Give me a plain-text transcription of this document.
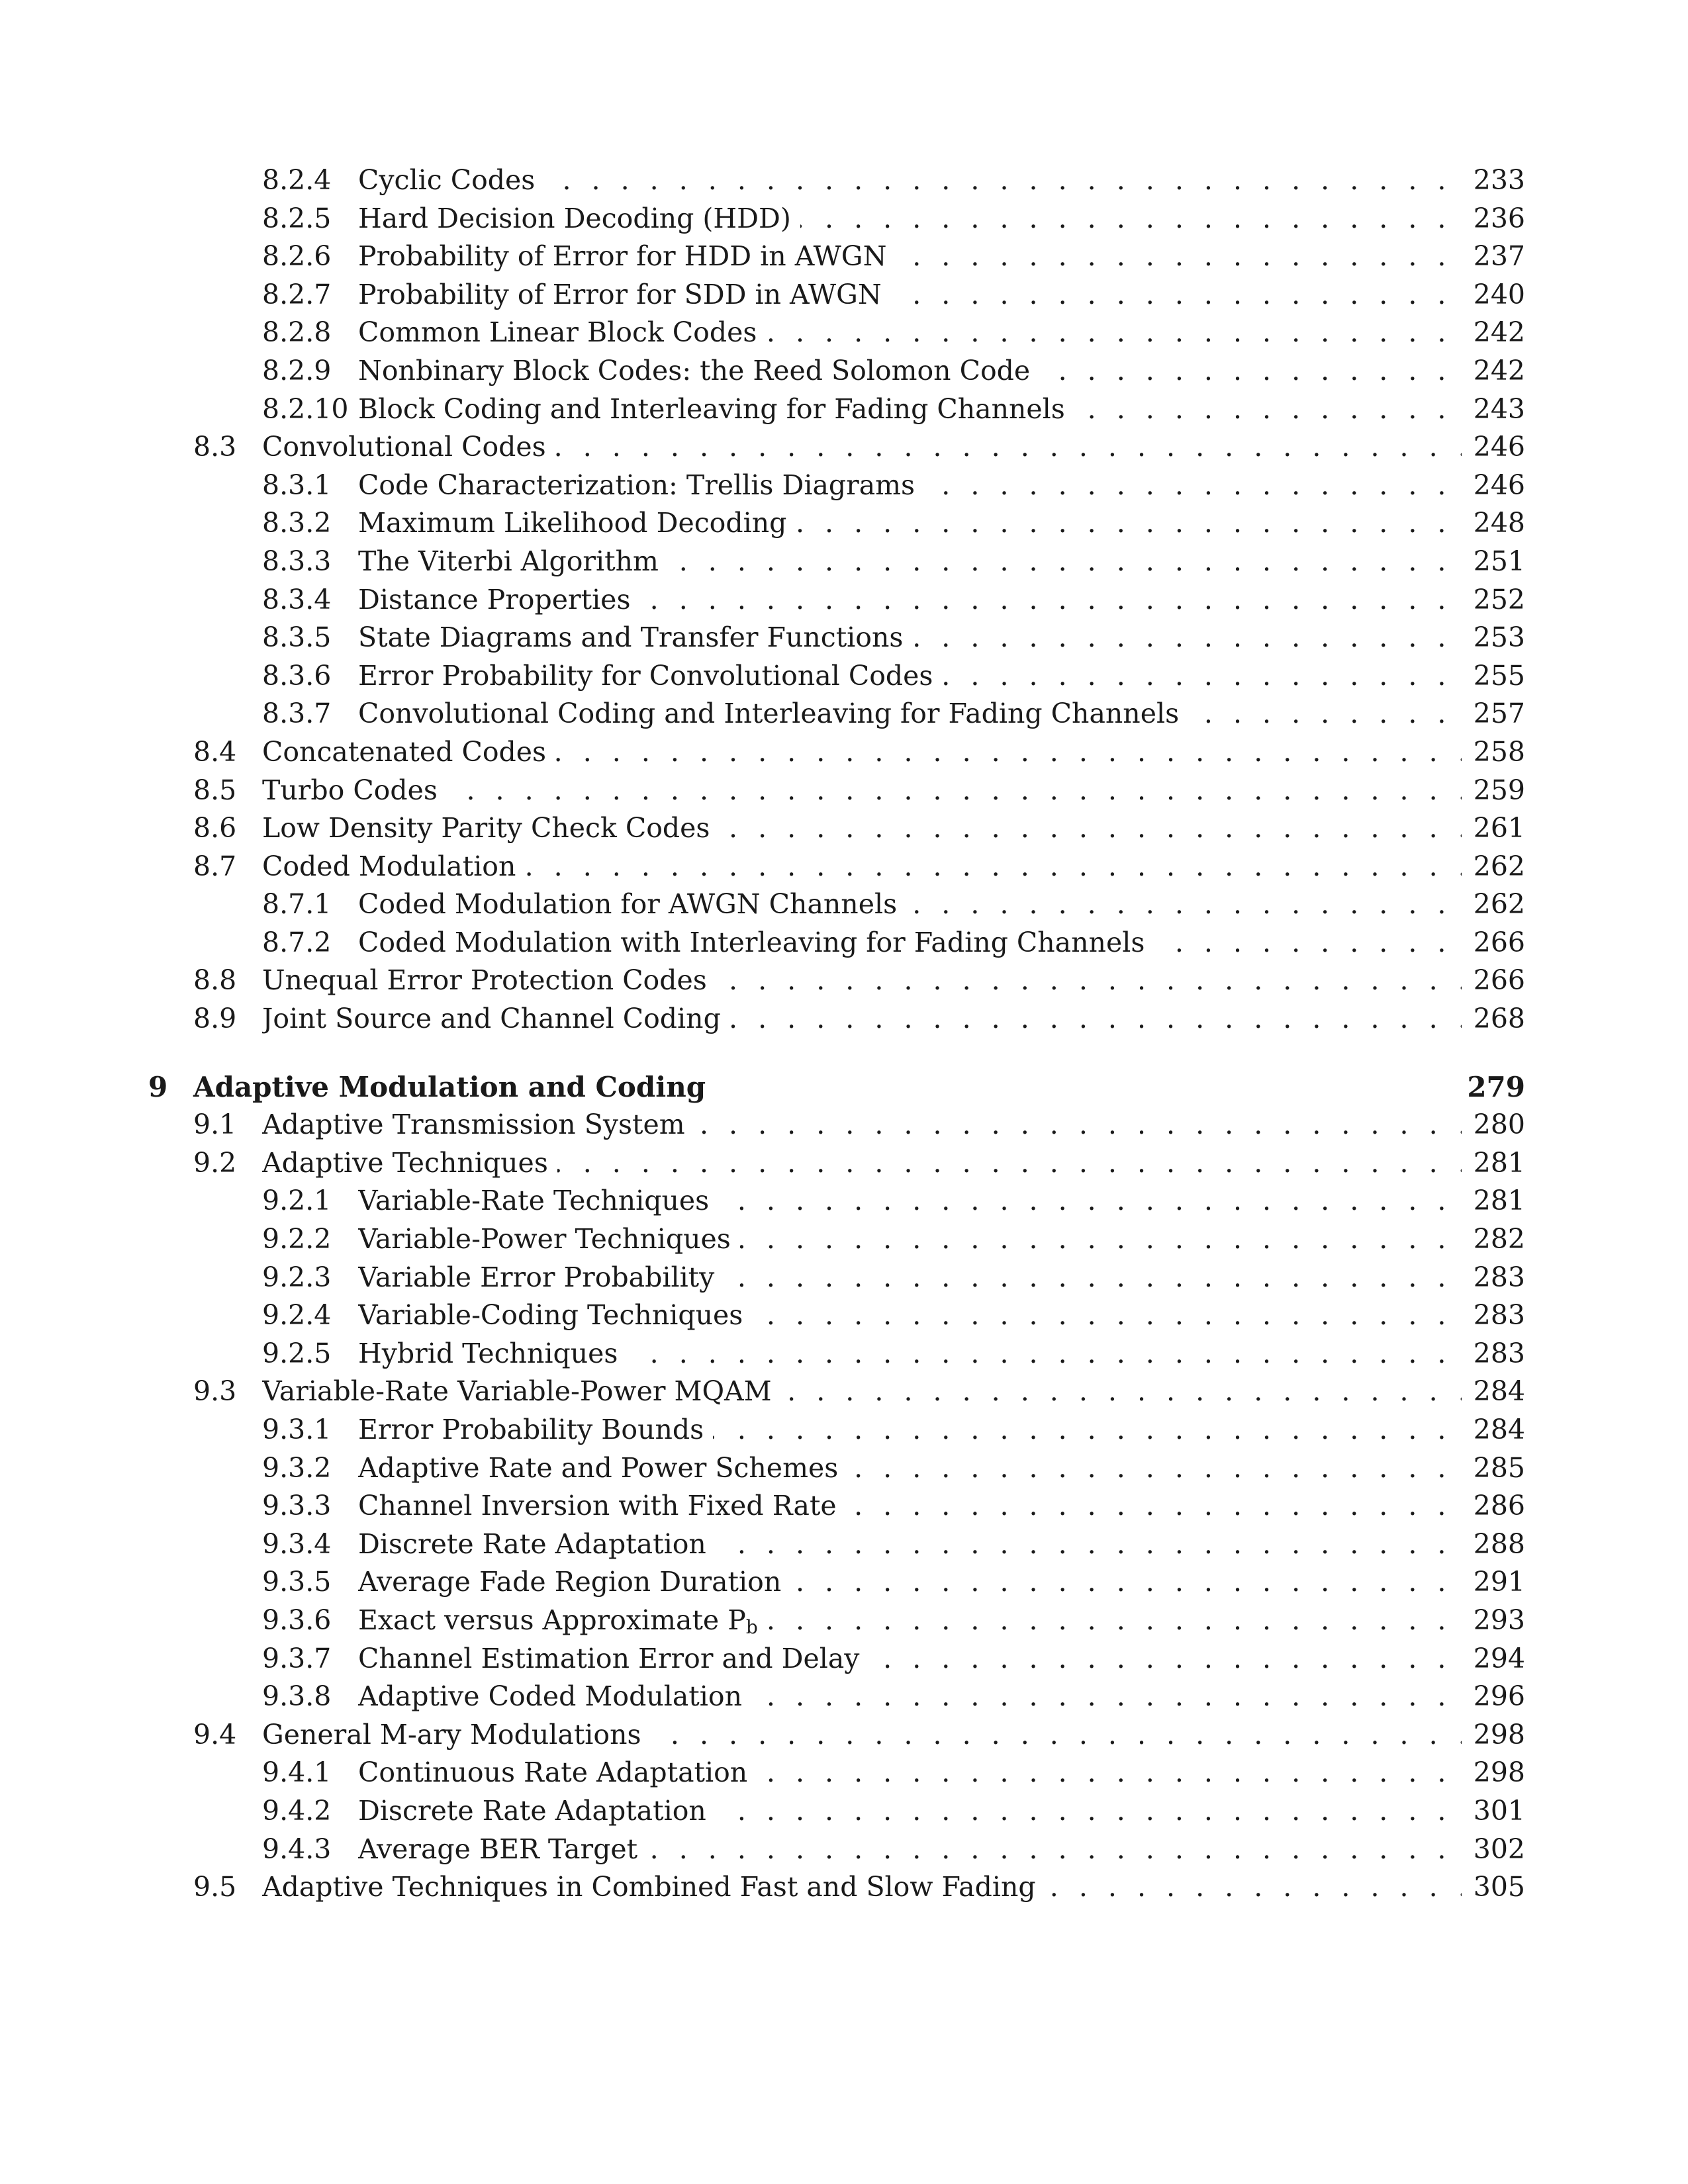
8.2.4 Cyclic Codes . . .	233
8.2.5 Hard Decision Decoding (HDD) . . .	236
8.2.6 Probability of Error for HDD in AWGN . . .	237
8.2.7 Probability of Error for SDD in AWGN . . .	240
8.2.8 Common Linear Block Codes . . .	242
8.2.9 Nonbinary Block Codes: the Reed Solomon Code . . .	242
8.2.10 Block Coding and Interleaving for Fading Channels . . .	243
8.3 Convolutional Codes . . .	246
8.3.1 Code Characterization: Trellis Diagrams . . .	246
8.3.2 Maximum Likelihood Decoding . . .	248
8.3.3 The Viterbi Algorithm . . .	251
8.3.4 Distance Properties . . .	252
8.3.5 State Diagrams and Transfer Functions . . .	253
8.3.6 Error Probability for Convolutional Codes . . .	255
8.3.7 Convolutional Coding and Interleaving for Fading Channels . . .	257
8.4 Concatenated Codes . . .	258
8.5 Turbo Codes . . .	259
8.6 Low Density Parity Check Codes . . .	261
8.7 Coded Modulation . . .	262
8.7.1 Coded Modulation for AWGN Channels . . .	262
8.7.2 Coded Modulation with Interleaving for Fading Channels . . .	266
8.8 Unequal Error Protection Codes . . .	266
8.9 Joint Source and Channel Coding . . .	268
9 Adaptive Modulation and Coding	279
9.1 Adaptive Transmission System . . .	280
9.2 Adaptive Techniques . . .	281
9.2.1 Variable-Rate Techniques . . .	281
9.2.2 Variable-Power Techniques . . .	282
9.2.3 Variable Error Probability . . .	283
9.2.4 Variable-Coding Techniques . . .	283
9.2.5 Hybrid Techniques . . .	283
9.3 Variable-Rate Variable-Power MQAM . . .	284
9.3.1 Error Probability Bounds . . .	284
9.3.2 Adaptive Rate and Power Schemes . . .	285
9.3.3 Channel Inversion with Fixed Rate . . .	286
9.3.4 Discrete Rate Adaptation . . .	288
9.3.5 Average Fade Region Duration . . .	291
9.3.6 Exact versus Approximate $P_b$ . . .	293
9.3.7 Channel Estimation Error and Delay . . .	294
9.3.8 Adaptive Coded Modulation . . .	296
9.4 General M-ary Modulations . . .	298
9.4.1 Continuous Rate Adaptation . . .	298
9.4.2 Discrete Rate Adaptation . . .	301
9.4.3 Average BER Target . . .	302
9.5 Adaptive Techniques in Combined Fast and Slow Fading . . .	305
